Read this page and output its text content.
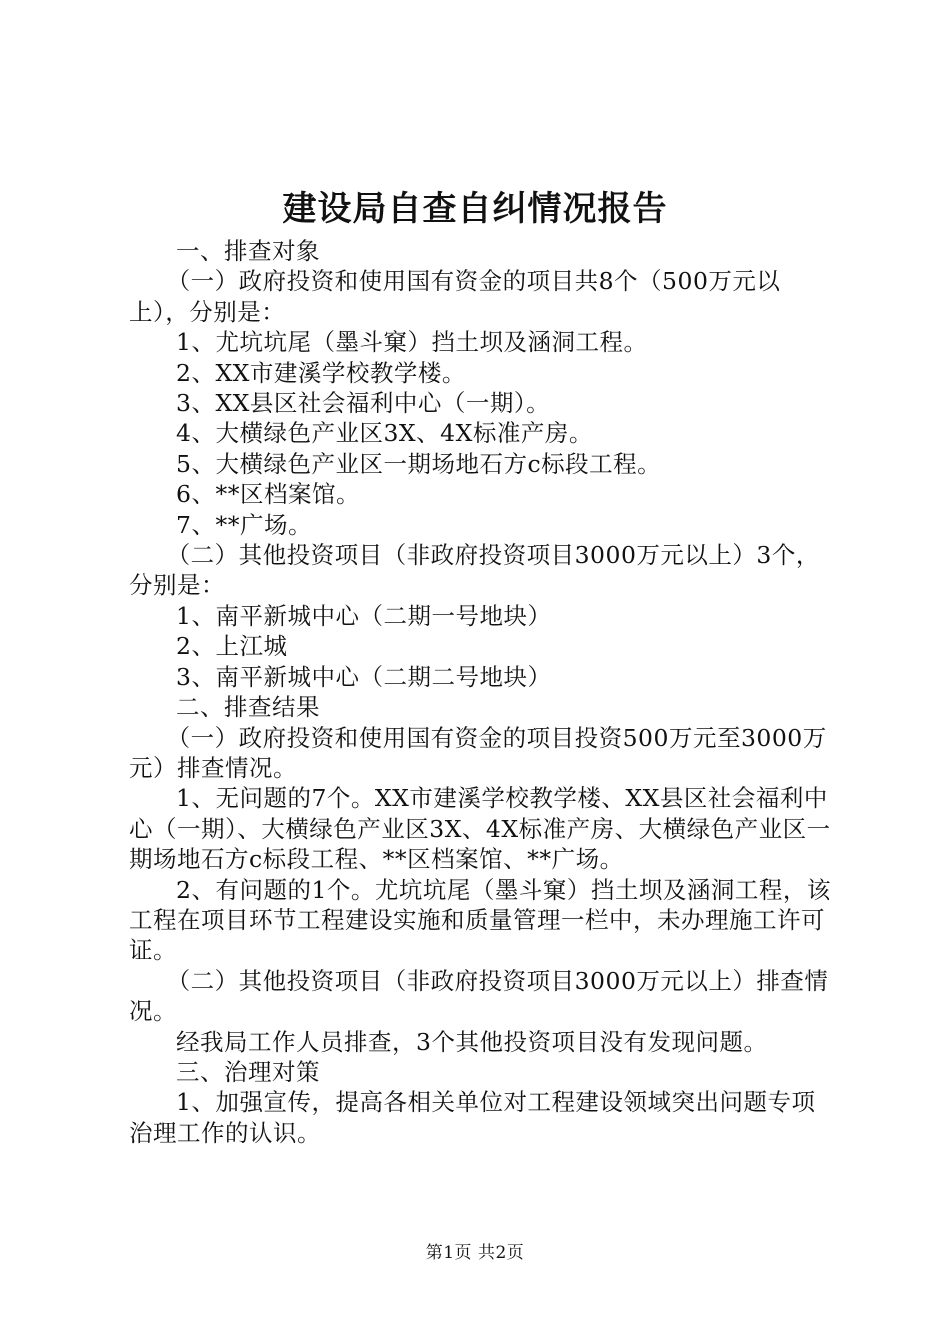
建设局自查自纠情况报告

一、排查对象

（一）政府投资和使用国有资金的项目共8个（500万元以上），分别是：

1、尤坑坑尾（墨斗窠）挡土坝及涵洞工程。

2、XX市建溪学校教学楼。

3、XX县区社会福利中心（一期）。

4、大横绿色产业区3X、4X标准产房。

5、大横绿色产业区一期场地石方c标段工程。

6、**区档案馆。

7、**广场。

（二）其他投资项目（非政府投资项目3000万元以上）3个，分别是：

1、南平新城中心（二期一号地块）

2、上江城

3、南平新城中心（二期二号地块）

二、排查结果

（一）政府投资和使用国有资金的项目投资500万元至3000万元）排查情况。

1、无问题的7个。XX市建溪学校教学楼、XX县区社会福利中心（一期）、大横绿色产业区3X、4X标准产房、大横绿色产业区一期场地石方c标段工程、**区档案馆、**广场。

2、有问题的1个。尤坑坑尾（墨斗窠）挡土坝及涵洞工程，该工程在项目环节工程建设实施和质量管理一栏中，未办理施工许可证。

（二）其他投资项目（非政府投资项目3000万元以上）排查情况。

经我局工作人员排查，3个其他投资项目没有发现问题。

三、治理对策

1、加强宣传，提高各相关单位对工程建设领域突出问题专项治理工作的认识。

第1页 共2页
